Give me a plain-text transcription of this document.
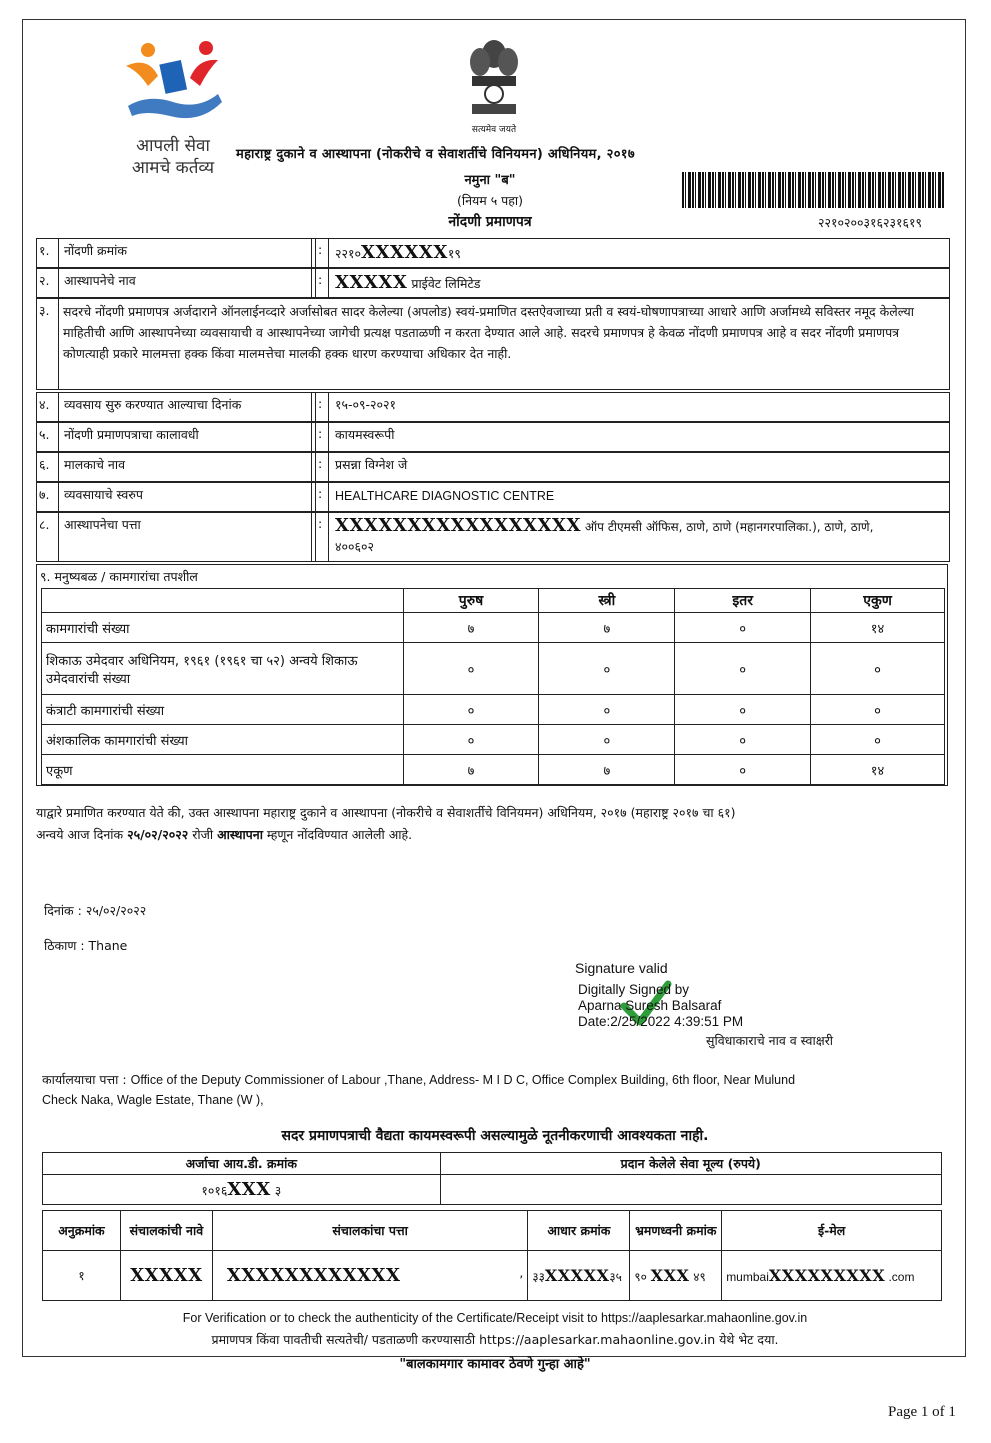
आपली सेवा
आमचे कर्तव्य
सत्यमेव जयते
महाराष्ट्र दुकाने व आस्थापना (नोकरीचे व सेवाशर्तीचे विनियमन) अधिनियम, २०१७
नमुना "ब"
(नियम ५ पहा)
नोंदणी प्रमाणपत्र	२२१०२००३१६२३१६१९
१.	नोंदणी क्रमांक	:	२२१०XXXXXX१९
२.	आस्थापनेचे नाव	: XXXXX प्राईवेट लिमिटेड
३.	सदरचे नोंदणी प्रमाणपत्र अर्जदाराने ऑनलाईनव्दारे अर्जासोबत सादर केलेल्या (अपलोड) स्वयं-प्रमाणित दस्तऐवजाच्या प्रती व स्वयं-घोषणापत्राच्या आधारे आणि अर्जामध्ये सविस्तर नमूद केलेल्या माहितीची आणि आस्थापनेच्या व्यवसायाची व आस्थापनेच्या जागेची प्रत्यक्ष पडताळणी न करता देण्यात आले आहे. सदरचे प्रमाणपत्र हे केवळ नोंदणी प्रमाणपत्र आहे व सदर नोंदणी प्रमाणपत्र कोणत्याही प्रकारे मालमत्ता हक्क किंवा मालमत्तेचा मालकी हक्क धारण करण्याचा अधिकार देत नाही.
४.	व्यवसाय सुरु करण्यात आल्याचा दिनांक	:	१५-०९-२०२१
५.	नोंदणी प्रमाणपत्राचा कालावधी	:	कायमस्वरूपी
६.	मालकाचे नाव	:	प्रसन्ना विग्नेश जे
७.	व्यवसायाचे स्वरुप	:	HEALTHCARE DIAGNOSTIC CENTRE
८.	आस्थापनेचा पत्ता	: XXXXXXXXXXXXXXXXX ऑप टीएमसी ऑफिस, ठाणे, ठाणे (महानगरपालिका.), ठाणे, ठाणे,
४००६०२
९. मनुष्यबळ / कामगारांचा तपशील
	पुरुष	स्त्री	इतर	एकुण
कामगारांची संख्या	७	७	०	१४
शिकाऊ उमेदवार अधिनियम, १९६१ (१९६१ चा ५२) अन्वये शिकाऊ उमेदवारांची संख्या	०	०	०	०
कंत्राटी कामगारांची संख्या	०	०	०	०
अंशकालिक कामगारांची संख्या	०	०	०	०
एकूण	७	७	०	१४
याद्वारे प्रमाणित करण्यात येते की, उक्त आस्थापना महाराष्ट्र दुकाने व आस्थापना (नोकरीचे व सेवाशर्तीचे विनियमन) अधिनियम, २०१७ (महाराष्ट्र २०१७ चा ६१)
अन्वये आज दिनांक २५/०२/२०२२ रोजी आस्थापना म्हणून नोंदविण्यात आलेली आहे.
दिनांक : २५/०२/२०२२
ठिकाण : Thane
Signature valid
Digitally Signed by
Aparna Suresh Balsaraf
Date:2/25/2022 4:39:51 PM
सुविधाकाराचे नाव व स्वाक्षरी
कार्यालयाचा पत्ता : Office of the Deputy Commissioner of Labour ,Thane, Address- M I D C, Office Complex Building, 6th floor, Near Mulund
Check Naka, Wagle Estate, Thane (W ),
सदर प्रमाणपत्राची वैद्यता कायमस्वरूपी असल्यामुळे नूतनीकरणाची आवश्यकता नाही.
अर्जाचा आय.डी. क्रमांक	प्रदान केलेले सेवा मूल्य (रुपये)
१०१६XXX ३	
अनुक्रमांक	संचालकांची नावे	संचालकांचा पत्ता	आधार क्रमांक	भ्रमणध्वनी क्रमांक	ई-मेल
१	XXXXX	XXXXXXXXXXXX ,	३३XXXXX३५	९० XXX ४९	mumbaiXXXXXXXXX .com
For Verification or to check the authenticity of the Certificate/Receipt visit to https://aaplesarkar.mahaonline.gov.in
प्रमाणपत्र किंवा पावतीची सत्यतेची/ पडताळणी करण्यासाठी https://aaplesarkar.mahaonline.gov.in येथे भेट दया.
"बालकामगार कामावर ठेवणे गुन्हा आहे"
Page 1 of 1
